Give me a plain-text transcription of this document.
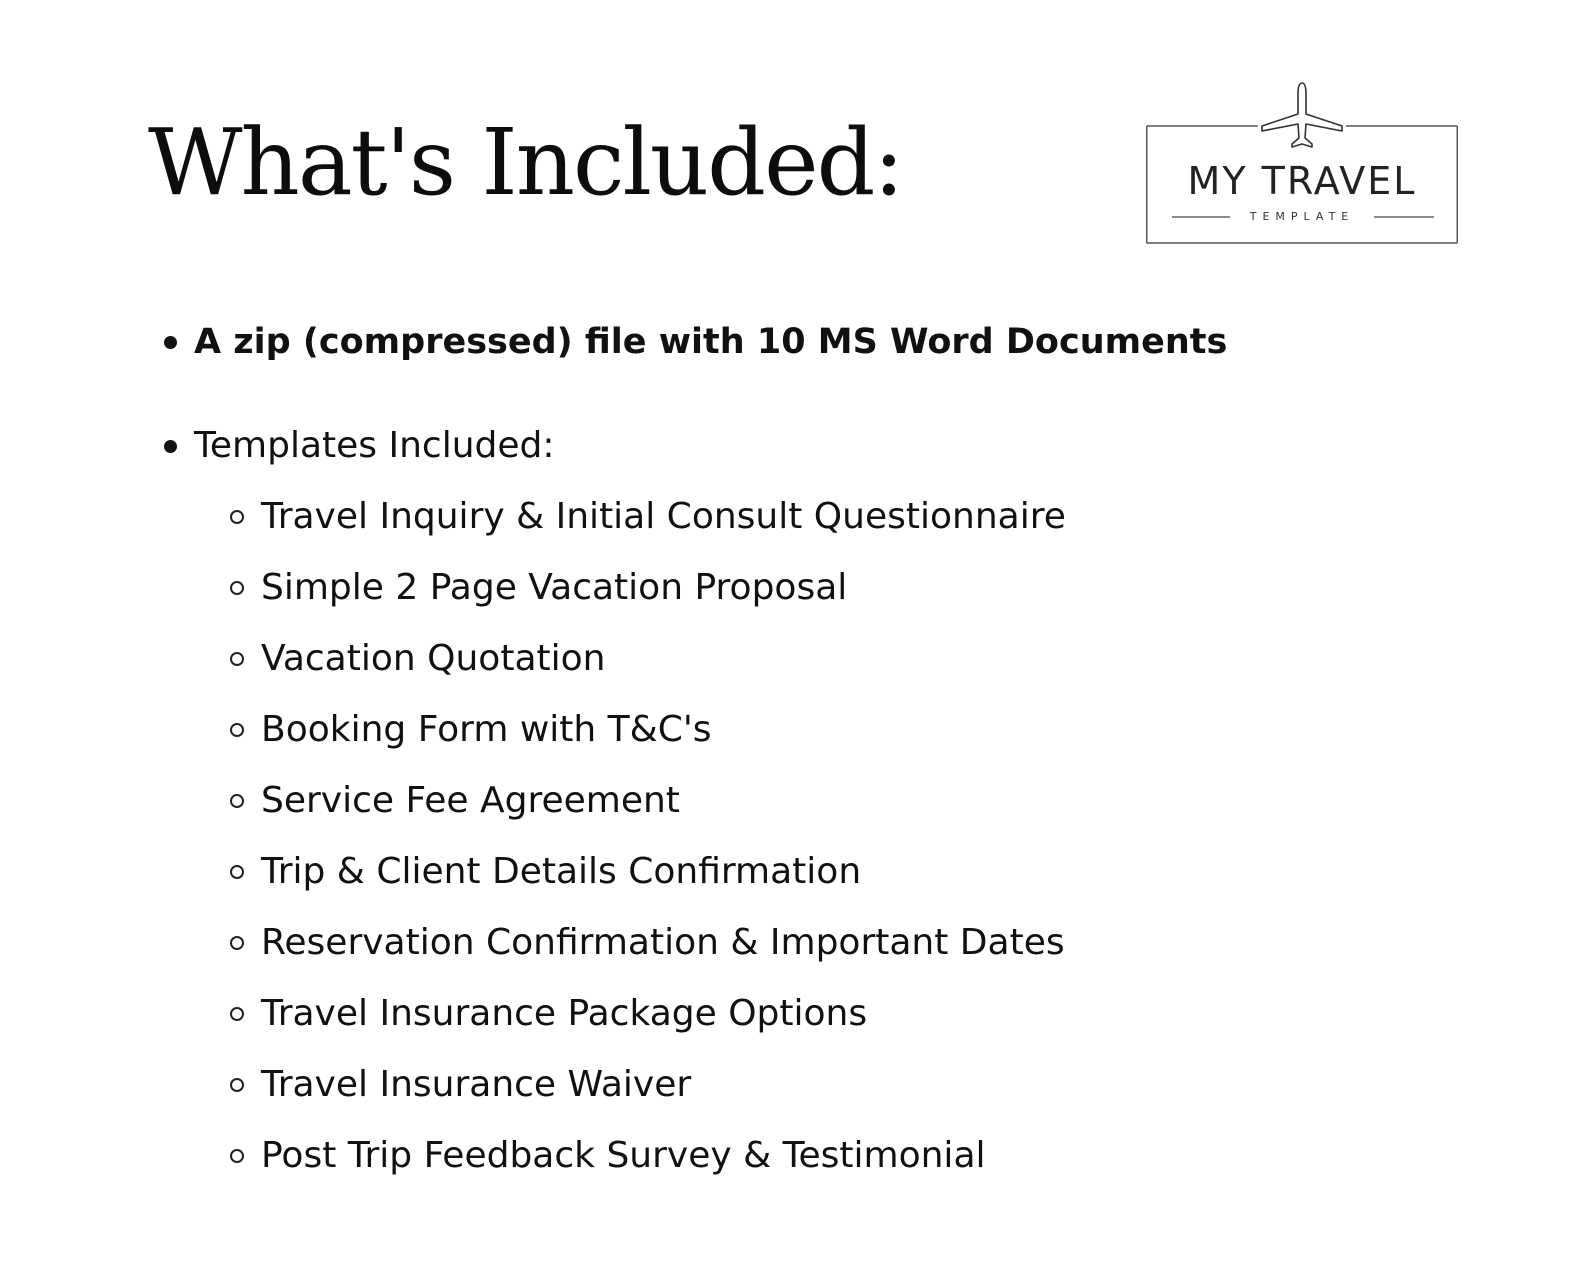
What's Included:	MY TRAVEL
TEMPLATE
A zip (compressed) file with 10 MS Word Documents
Templates Included:
Travel Inquiry & Initial Consult Questionnaire
Simple 2 Page Vacation Proposal
Vacation Quotation
Booking Form with T&C's
Service Fee Agreement
Trip & Client Details Confirmation
Reservation Confirmation & Important Dates
Travel Insurance Package Options
Travel Insurance Waiver
Post Trip Feedback Survey & Testimonial
